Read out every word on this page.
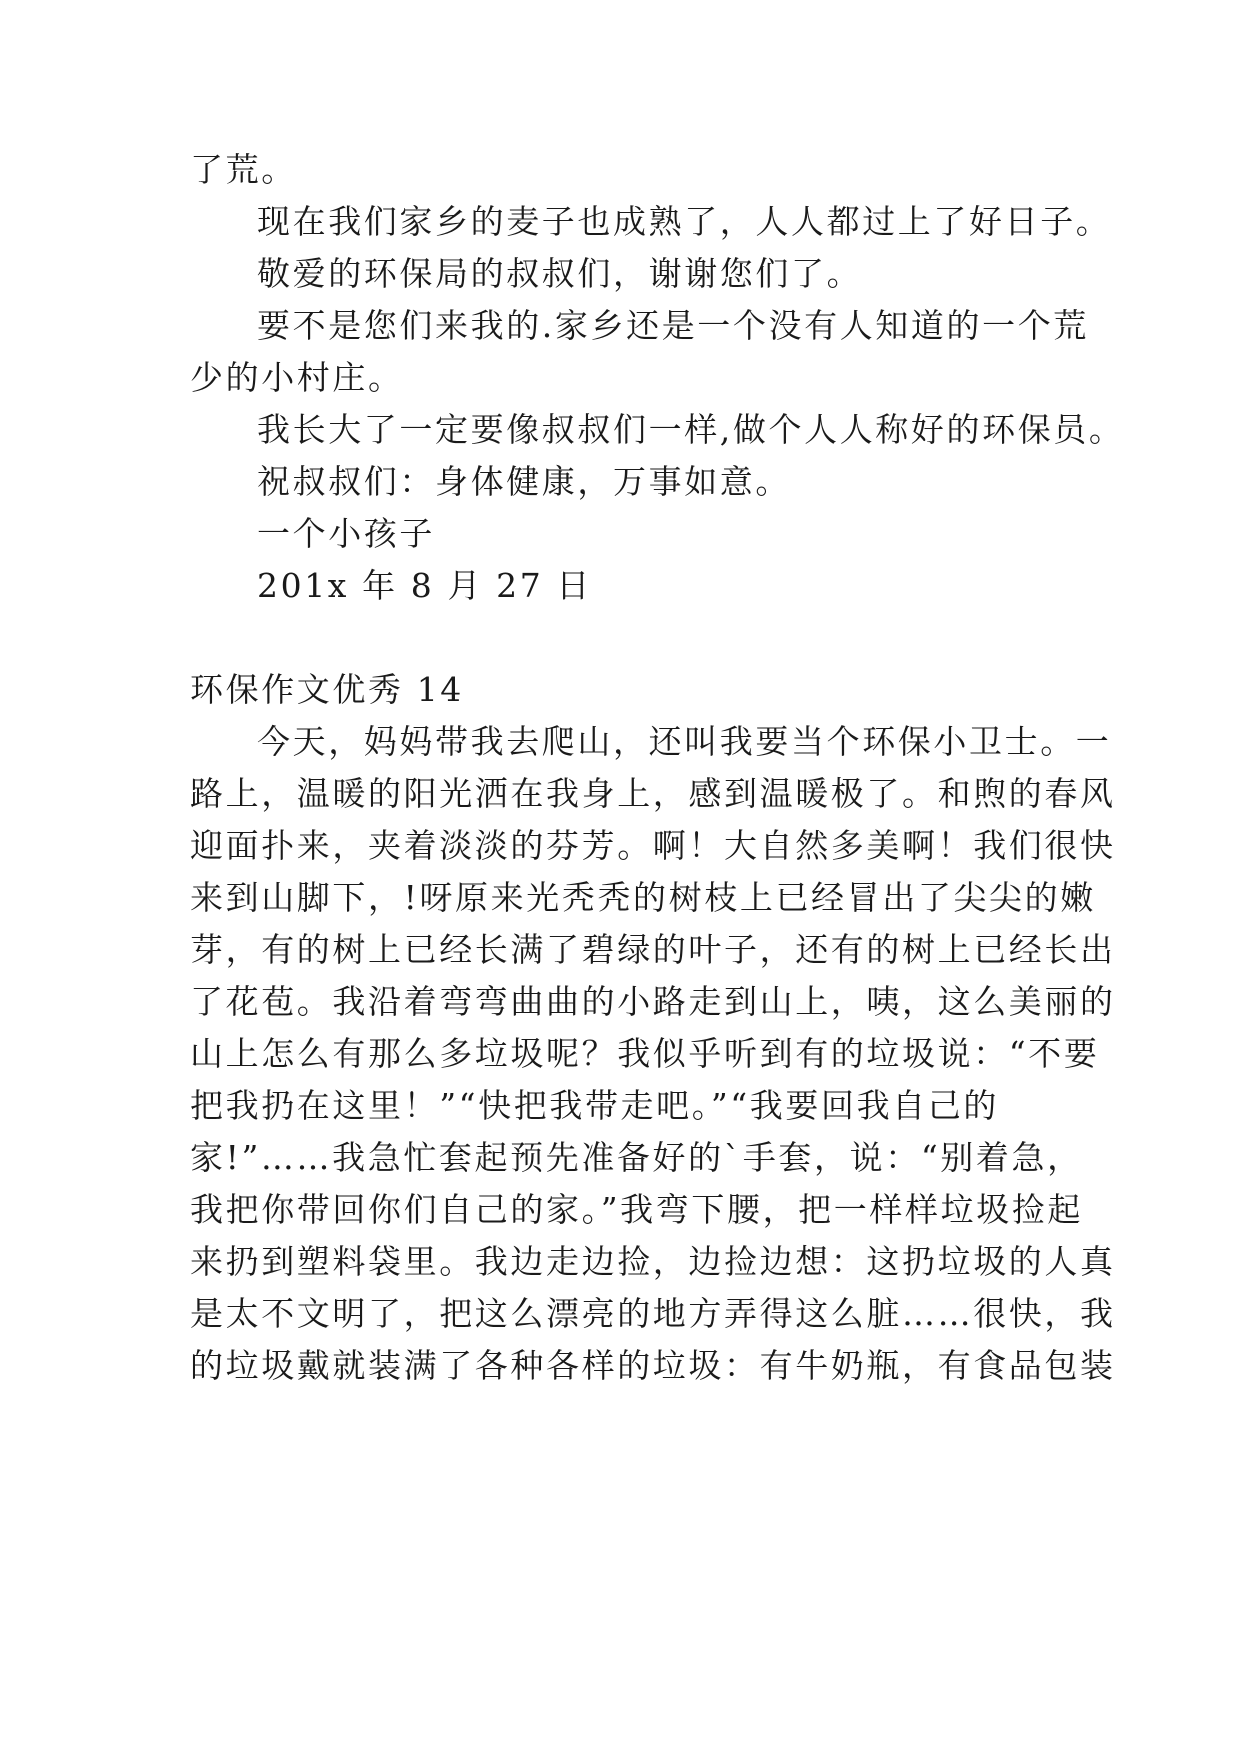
了荒。
现在我们家乡的麦子也成熟了，人人都过上了好日子。
敬爱的环保局的叔叔们，谢谢您们了。
要不是您们来我的.家乡还是一个没有人知道的一个荒
少的小村庄。
我长大了一定要像叔叔们一样,做个人人称好的环保员。
祝叔叔们：身体健康，万事如意。
一个小孩子
201x 年 8 月 27 日
环保作文优秀 14
今天，妈妈带我去爬山，还叫我要当个环保小卫士。一
路上，温暖的阳光洒在我身上，感到温暖极了。和煦的春风
迎面扑来，夹着淡淡的芬芳。啊！大自然多美啊！我们很快
来到山脚下，!呀原来光秃秃的树枝上已经冒出了尖尖的嫩
芽，有的树上已经长满了碧绿的叶子，还有的树上已经长出
了花苞。我沿着弯弯曲曲的小路走到山上，咦，这么美丽的
山上怎么有那么多垃圾呢？我似乎听到有的垃圾说：“不要
把我扔在这里！”“快把我带走吧。”“我要回我自己的
家!”……我急忙套起预先准备好的`手套，说：“别着急，
我把你带回你们自己的家。”我弯下腰，把一样样垃圾捡起
来扔到塑料袋里。我边走边捡，边捡边想：这扔垃圾的人真
是太不文明了，把这么漂亮的地方弄得这么脏……很快，我
的垃圾戴就装满了各种各样的垃圾：有牛奶瓶，有食品包装
